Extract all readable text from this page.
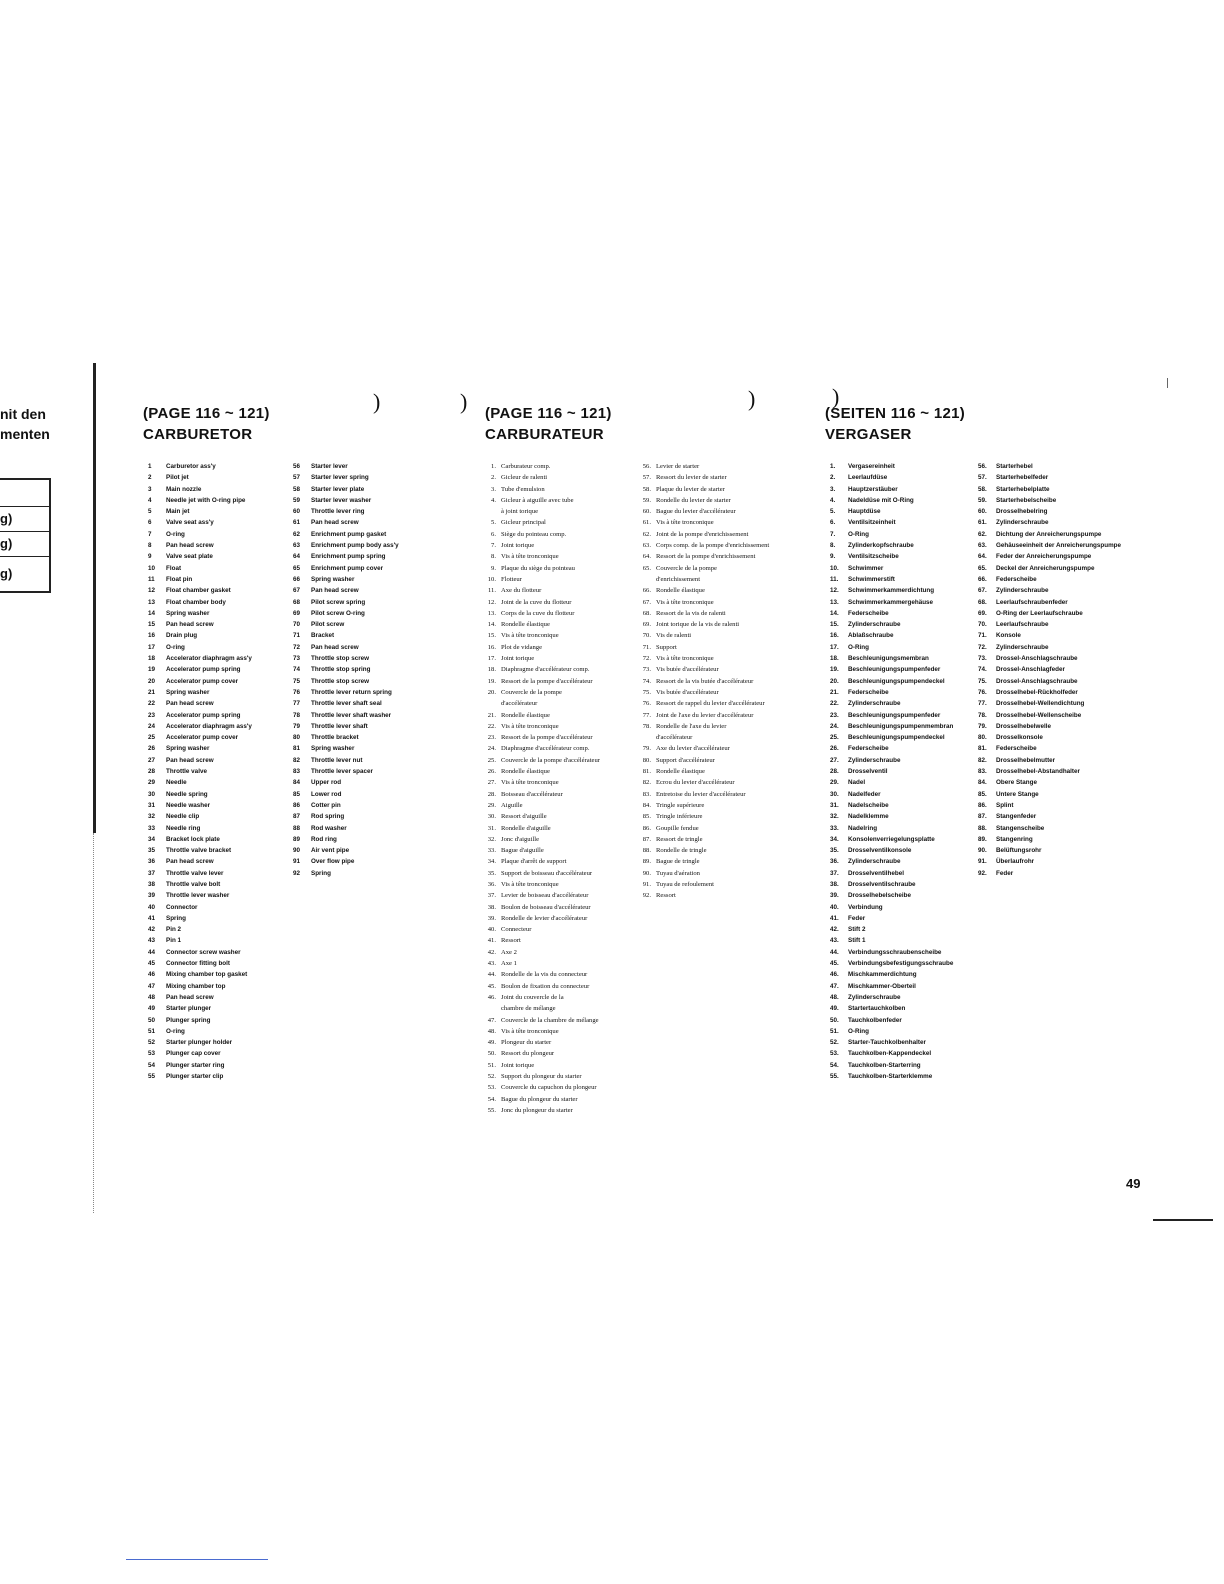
nit den
menten
g)
g)
g)
)	)	)	)
(PAGE 116 ~ 121)
CARBURETOR
1 Carburetor ass'y
2 Pilot jet
3 Main nozzle
4 Needle jet with O-ring pipe
5 Main jet
6 Valve seat ass'y
7 O-ring
8 Pan head screw
9 Valve seat plate
10 Float
11 Float pin
12 Float chamber gasket
13 Float chamber body
14 Spring washer
15 Pan head screw
16 Drain plug
17 O-ring
18 Accelerator diaphragm ass'y
19 Accelerator pump spring
20 Accelerator pump cover
21 Spring washer
22 Pan head screw
23 Accelerator pump spring
24 Accelerator diaphragm ass'y
25 Accelerator pump cover
26 Spring washer
27 Pan head screw
28 Throttle valve
29 Needle
30 Needle spring
31 Needle washer
32 Needle clip
33 Needle ring
34 Bracket lock plate
35 Throttle valve bracket
36 Pan head screw
37 Throttle valve lever
38 Throttle valve bolt
39 Throttle lever washer
40 Connector
41 Spring
42 Pin 2
43 Pin 1
44 Connector screw washer
45 Connector fitting bolt
46 Mixing chamber top gasket
47 Mixing chamber top
48 Pan head screw
49 Starter plunger
50 Plunger spring
51 O-ring
52 Starter plunger holder
53 Plunger cap cover
54 Plunger starter ring
55 Plunger starter clip
56 Starter lever
57 Starter lever spring
58 Starter lever plate
59 Starter lever washer
60 Throttle lever ring
61 Pan head screw
62 Enrichment pump gasket
63 Enrichment pump body ass'y
64 Enrichment pump spring
65 Enrichment pump cover
66 Spring washer
67 Pan head screw
68 Pilot screw spring
69 Pilot screw O-ring
70 Pilot screw
71 Bracket
72 Pan head screw
73 Throttle stop screw
74 Throttle stop spring
75 Throttle stop screw
76 Throttle lever return spring
77 Throttle lever shaft seal
78 Throttle lever shaft washer
79 Throttle lever shaft
80 Throttle bracket
81 Spring washer
82 Throttle lever nut
83 Throttle lever spacer
84 Upper rod
85 Lower rod
86 Cotter pin
87 Rod spring
88 Rod washer
89 Rod ring
90 Air vent pipe
91 Over flow pipe
92 Spring
(PAGE 116 ~ 121)
CARBURATEUR
1. Carburateur comp.
2. Gicleur de ralenti
3. Tube d'emulsion
4. Gicleur à aiguille avec tube
à joint torique
5. Gicleur principal
6. Siège du pointeau comp.
7. Joint torique
8. Vis à tête tronconique
9. Plaque du siège du pointeau
10. Flotteur
11. Axe du flotteur
12. Joint de la cuve du flotteur
13. Corps de la cuve du flotteur
14. Rondelle élastique
15. Vis à tête tronconique
16. Plot de vidange
17. Joint torique
18. Diaphragme d'accélérateur comp.
19. Ressort de la pompe d'accélérateur
20. Couvercle de la pompe
d'accélérateur
21. Rondelle élastique
22. Vis à tête tronconique
23. Ressort de la pompe d'accélérateur
24. Diaphragme d'accélérateur comp.
25. Couvercle de la pompe d'accélérateur
26. Rondelle élastique
27. Vis à tête tronconique
28. Boisseau d'accélérateur
29. Aiguille
30. Ressort d'aiguille
31. Rondelle d'aiguille
32. Jonc d'aiguille
33. Bague d'aiguille
34. Plaque d'arrêt de support
35. Support de boisseau d'accélérateur
36. Vis à tête tronconique
37. Levier de boisseau d'accélérateur
38. Boulon de boisseau d'accélérateur
39. Rondelle de levier d'accélérateur
40. Connecteur
41. Ressort
42. Axe 2
43. Axe 1
44. Rondelle de la vis du connecteur
45. Boulon de fixation du connecteur
46. Joint du couvercle de la
chambre de mélange
47. Couvercle de la chambre de mélange
48. Vis à tête tronconique
49. Plongeur du starter
50. Ressort du plongeur
51. Joint torique
52. Support du plongeur du starter
53. Couvercle du capuchon du plongeur
54. Bague du plongeur du starter
55. Jonc du plongeur du starter
56. Levier de starter
57. Ressort du levier de starter
58. Plaque du levier de starter
59. Rondelle du levier de starter
60. Bague du levier d'accélérateur
61. Vis à tête tronconique
62. Joint de la pompe d'enrichissement
63. Corps comp. de la pompe d'enrichissement
64. Ressort de la pompe d'enrichissement
65. Couvercle de la pompe
d'enrichissement
66. Rondelle élastique
67. Vis à tête tronconique
68. Ressort de la vis de ralenti
69. Joint torique de la vis de ralenti
70. Vis de ralenti
71. Support
72. Vis à tête tronconique
73. Vis butée d'accélérateur
74. Ressort de la vis butée d'accélérateur
75. Vis butée d'accélérateur
76. Ressort de rappel du levier d'accélérateur
77. Joint de l'axe du levier d'accélérateur
78. Rondelle de l'axe du levier
d'accélérateur
79. Axe du levier d'accélérateur
80. Support d'accélérateur
81. Rondelle élastique
82. Ecrou du levier d'accélérateur
83. Entretoise du levier d'accélérateur
84. Tringle supérieure
85. Tringle inférieure
86. Goupille fendue
87. Ressort de tringle
88. Rondelle de tringle
89. Bague de tringle
90. Tuyau d'aération
91. Tuyau de refoulement
92. Ressort
(SEITEN 116 ~ 121)
VERGASER
1. Vergasereinheit
2. Leerlaufdüse
3. Hauptzerstäuber
4. Nadeldüse mit O-Ring
5. Hauptdüse
6. Ventilsitzeinheit
7. O-Ring
8. Zylinderkopfschraube
9. Ventilsitzscheibe
10. Schwimmer
11. Schwimmerstift
12. Schwimmerkammerdichtung
13. Schwimmerkammergehäuse
14. Federscheibe
15. Zylinderschraube
16. Ablaßschraube
17. O-Ring
18. Beschleunigungsmembran
19. Beschleunigungspumpenfeder
20. Beschleunigungspumpendeckel
21. Federscheibe
22. Zylinderschraube
23. Beschleunigungspumpenfeder
24. Beschleunigungspumpenmembran
25. Beschleunigungspumpendeckel
26. Federscheibe
27. Zylinderschraube
28. Drosselventil
29. Nadel
30. Nadelfeder
31. Nadelscheibe
32. Nadelklemme
33. Nadelring
34. Konsolenverriegelungsplatte
35. Drosselventilkonsole
36. Zylinderschraube
37. Drosselventilhebel
38. Drosselventilschraube
39. Drosselhebelscheibe
40. Verbindung
41. Feder
42. Stift 2
43. Stift 1
44. Verbindungsschraubenscheibe
45. Verbindungsbefestigungsschraube
46. Mischkammerdichtung
47. Mischkammer-Oberteil
48. Zylinderschraube
49. Startertauchkolben
50. Tauchkolbenfeder
51. O-Ring
52. Starter-Tauchkolbenhalter
53. Tauchkolben-Kappendeckel
54. Tauchkolben-Starterring
55. Tauchkolben-Starterklemme
56. Starterhebel
57. Starterhebelfeder
58. Starterhebelplatte
59. Starterhebelscheibe
60. Drosselhebelring
61. Zylinderschraube
62. Dichtung der Anreicherungspumpe
63. Gehäuseeinheit der Anreicherungspumpe
64. Feder der Anreicherungspumpe
65. Deckel der Anreicherungspumpe
66. Federscheibe
67. Zylinderschraube
68. Leerlaufschraubenfeder
69. O-Ring der Leerlaufschraube
70. Leerlaufschraube
71. Konsole
72. Zylinderschraube
73. Drossel-Anschlagschraube
74. Drossel-Anschlagfeder
75. Drossel-Anschlagschraube
76. Drosselhebel-Rückholfeder
77. Drosselhebel-Wellendichtung
78. Drosselhebel-Wellenscheibe
79. Drosselhebelwelle
80. Drosselkonsole
81. Federscheibe
82. Drosselhebelmutter
83. Drosselhebel-Abstandhalter
84. Obere Stange
85. Untere Stange
86. Splint
87. Stangenfeder
88. Stangenscheibe
89. Stangenring
90. Belüftungsrohr
91. Überlaufrohr
92. Feder
49
